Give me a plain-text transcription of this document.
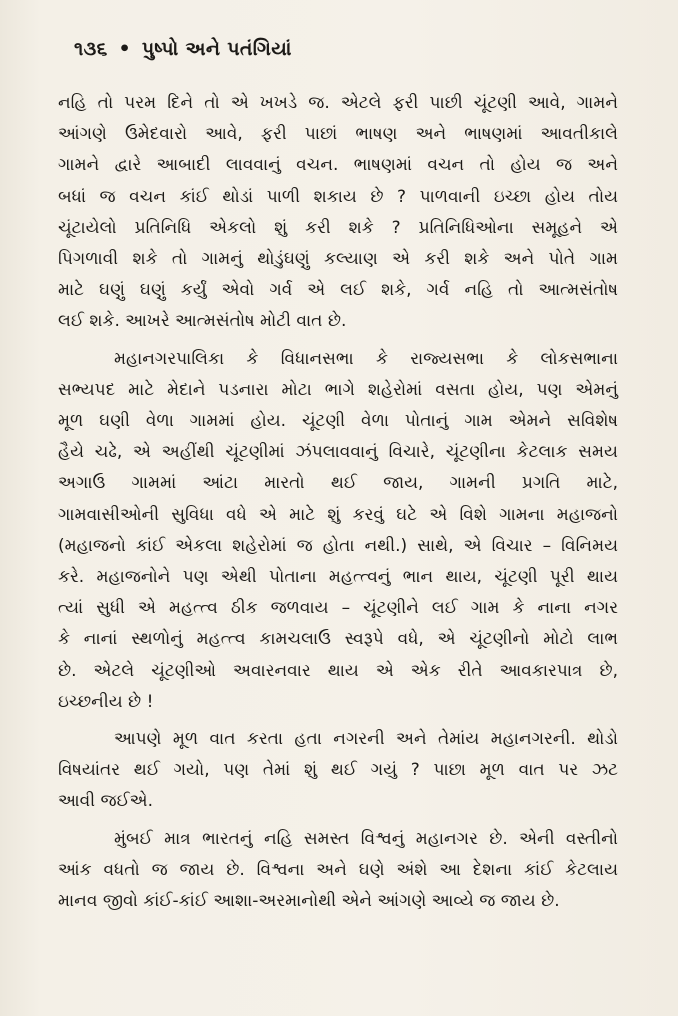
૧૩૬ • પુષ્પો અને પતંગિયાં

નહિ તો પરમ દિને તો એ ખખડે જ. એટલે ફરી પાછી ચૂંટણી આવે, ગામને
આંગણે ઉમેદવારો આવે, ફરી પાછાં ભાષણ અને ભાષણમાં આવતીકાલે
ગામને દ્વારે આબાદી લાવવાનું વચન. ભાષણમાં વચન તો હોય જ અને
બધાં જ વચન કાંઈ થોડાં પાળી શકાય છે ? પાળવાની ઇચ્છા હોય તોય
ચૂંટાયેલો પ્રતિનિધિ એકલો શું કરી શકે ? પ્રતિનિધિઓના સમૂહને એ
પિગળાવી શકે તો ગામનું થોડુંઘણું કલ્યાણ એ કરી શકે અને પોતે ગામ
માટે ઘણું ઘણું કર્યું એવો ગર્વ એ લઈ શકે, ગર્વ નહિ તો આત્મસંતોષ
લઈ શકે. આખરે આત્મસંતોષ મોટી વાત છે.

મહાનગરપાલિકા કે વિધાનસભા કે રાજ્યસભા કે લોકસભાના
સભ્યપદ માટે મેદાને પડનારા મોટા ભાગે શહેરોમાં વસતા હોય, પણ એમનું
મૂળ ઘણી વેળા ગામમાં હોય. ચૂંટણી વેળા પોતાનું ગામ એમને સવિશેષ
હૈયે ચઢે, એ અહીંથી ચૂંટણીમાં ઝંપલાવવાનું વિચારે, ચૂંટણીના કેટલાક સમય
અગાઉ ગામમાં આંટા મારતો થઈ જાય, ગામની પ્રગતિ માટે,
ગામવાસીઓની સુવિધા વધે એ માટે શું કરવું ઘટે એ વિશે ગામના મહાજનો
(મહાજનો કાંઈ એકલા શહેરોમાં જ હોતા નથી.) સાથે, એ વિચાર – વિનિમય
કરે. મહાજનોને પણ એથી પોતાના મહત્ત્વનું ભાન થાય, ચૂંટણી પૂરી થાય
ત્યાં સુધી એ મહત્ત્વ ઠીક જળવાય – ચૂંટણીને લઈ ગામ કે નાના નગર
કે નાનાં સ્થળોનું મહત્ત્વ કામચલાઉ સ્વરૂપે વધે, એ ચૂંટણીનો મોટો લાભ
છે. એટલે ચૂંટણીઓ અવારનવાર થાય એ એક રીતે આવકારપાત્ર છે,
ઇચ્છનીય છે !

આપણે મૂળ વાત કરતા હતા નગરની અને તેમાંય મહાનગરની. થોડો
વિષયાંતર થઈ ગયો, પણ તેમાં શું થઈ ગયું ? પાછા મૂળ વાત પર ઝટ
આવી જઈએ.

મુંબઈ માત્ર ભારતનું નહિ સમસ્ત વિશ્વનું મહાનગર છે. એની વસ્તીનો
આંક વધતો જ જાય છે. વિશ્વના અને ઘણે અંશે આ દેશના કાંઈ કેટલાય
માનવ જીવો કાંઈ-કાંઈ આશા-અરમાનોથી એને આંગણે આવ્યે જ જાય છે.
